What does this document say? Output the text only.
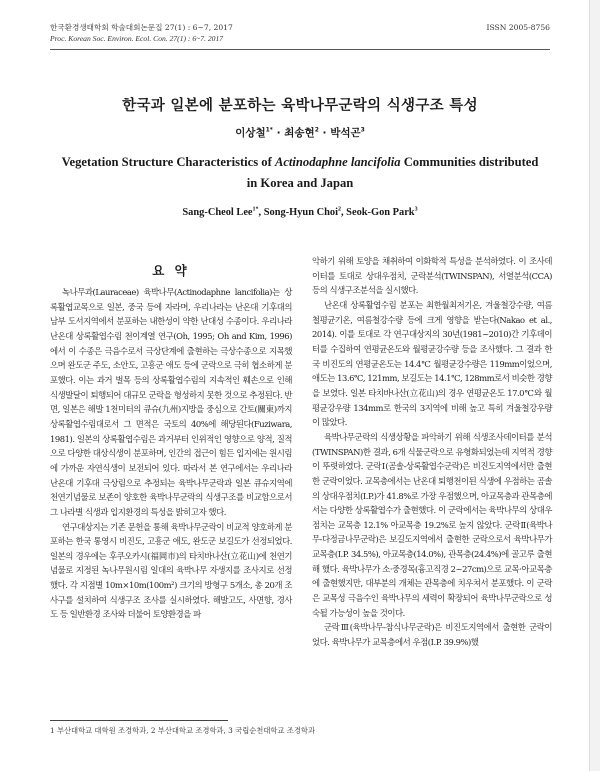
한국환경생태학회 학술대회논문집 27(1) : 6~7, 2017	ISSN 2005-8756
Proc. Korean Soc. Environ. Ecol. Con. 27(1) : 6~7. 2017
한국과 일본에 분포하는 육박나무군락의 식생구조 특성
이상철$^{1*}$ · 최송현$^2$ · 박석곤$^3$
Vegetation Structure Characteristics of Actinodaphne lancifolia Communities distributed in Korea and Japan
Sang-Cheol Lee$^{1*}$, Song-Hyun Choi$^2$, Seok-Gon Park$^3$
요 약

녹나무과(Lauraceae) 육박나무(Actinodaphne lancifolia)는 상록활엽교목으로 일본, 중국 등에 자라며, 우리나라는 난온대 기후대의 남부 도서지역에서 분포하는 내한성이 약한 난대성 수종이다. 우리나라 난온대 상록활엽수림 천이계열 연구(Oh, 1995; Oh and Kim, 1996)에서 이 수종은 극음수로서 극상단계에 출현하는 극상수종으로 지목했으며 완도군 주도, 소안도, 고흥군 애도 등에 군락으로 극히 협소하게 분포했다. 이는 과거 벌목 등의 상록활엽수림의 지속적인 훼손으로 인해 식생발달이 퇴행되어 대규모 군락을 형성하지 못한 것으로 추정된다. 반면, 일본은 해발 1천미터의 큐슈(九州)지방을 중심으로 간토(關東)까지 상록활엽수림대로서 그 면적은 국토의 40%에 해당된다(Fuziwara, 1981). 일본의 상록활엽수림은 과거부터 인위적인 영향으로 양적, 질적으로 다양한 대상식생이 분포하며, 인간의 접근이 힘든 입지에는 원시림에 가까운 자연식생이 보전되어 있다. 따라서 본 연구에서는 우리나라 난온대 기후대 극상림으로 추정되는 육박나무군락과 일본 큐슈지역에 천연기념물로 보존이 양호한 육박나무군락의 식생구조를 비교함으로서 그 나라별 식생과 입지환경의 특성을 밝히고자 했다.

연구대상지는 기존 문헌을 통해 육박나무군락이 비교적 양호하게 분포하는 한국 통영시 비진도, 고흥군 애도, 완도군 보길도가 선정되었다. 일본의 경우에는 후쿠오카시(福岡市)의 타치바나산(立花山)에 천연기념물로 지정된 녹나무원시림 일대의 육박나무 자생지를 조사지로 선정했다. 각 지점별 10m×10m(100m²) 크기의 방형구 5개소, 총 20개 조사구를 설치하여 식생구조 조사를 실시하였다. 해발고도, 사면향, 경사도 등 일반환경 조사와 더불어 토양환경을 파

악하기 위해 토양을 채취하여 이화학적 특성을 분석하였다. 이 조사데이터를 토대로 상대우점치, 군락분석(TWINSPAN), 서열분석(CCA) 등의 식생구조분석을 실시했다.

난온대 상록활엽수림 분포는 최한월최저기온, 겨울철강수량, 여름철평균기온, 여름철강수량 등에 크게 영향을 받는다(Nakao et al., 2014). 이를 토대로 각 연구대상지의 30년(1981~2010)간 기후데이터를 수집하여 연평균온도와 월평균강수량 등을 조사했다. 그 결과 한국 비진도의 연평균온도는 14.4℃ 월평균강수량은 119mm이었으며, 애도는 13.6℃, 121mm, 보길도는 14.1℃, 128mm로서 비슷한 경향을 보였다. 일본 타치바나산(立花山)의 경우 연평균온도 17.0℃와 월평균강우량 134mm로 한국의 3지역에 비해 높고 특히 겨울철강우량이 많았다.

육박나무군락의 식생상황을 파악하기 위해 식생조사데이터를 분석(TWINSPAN)한 결과, 6개 식물군락으로 유형화되었는데 지역적 경향이 뚜렷하였다. 군락Ⅰ(곰솔-상록활엽수군락)은 비진도지역에서만 출현한 군락이었다. 교목층에서는 난온대 퇴행천이된 식생에 우점하는 곰솔의 상대우점치(I.P.)가 41.8%로 가장 우점했으며, 아교목층과 관목층에서는 다양한 상록활엽수가 출현했다. 이 군락에서는 육박나무의 상대우점치는 교목층 12.1% 아교목층 19.2%로 높지 않았다. 군락Ⅱ(육박나무-다정금나무군락)은 보길도지역에서 출현한 군락으로서 육박나무가 교목층(I.P. 34.5%), 아교목층(14.0%), 관목층(24.4%)에 골고루 출현해 했다. 육박나무가 소·중경목(흉고직경 2~27cm)으로 교목·아교목층에 출현했지만, 대부분의 개체는 관목층에 치우쳐서 분포했다. 이 군락은 교목성 극음수인 육박나무의 세력이 확장되어 육박나무군락으로 성숙될 가능성이 높을 것이다.

군락Ⅲ(육박나무-참식나무군락)은 비진도지역에서 출현한 군락이었다. 육박나무가 교목층에서 우점(I.P. 39.9%)했

1 부산대학교 대학원 조경학과, 2 부산대학교 조경학과, 3 국립순천대학교 조경학과
